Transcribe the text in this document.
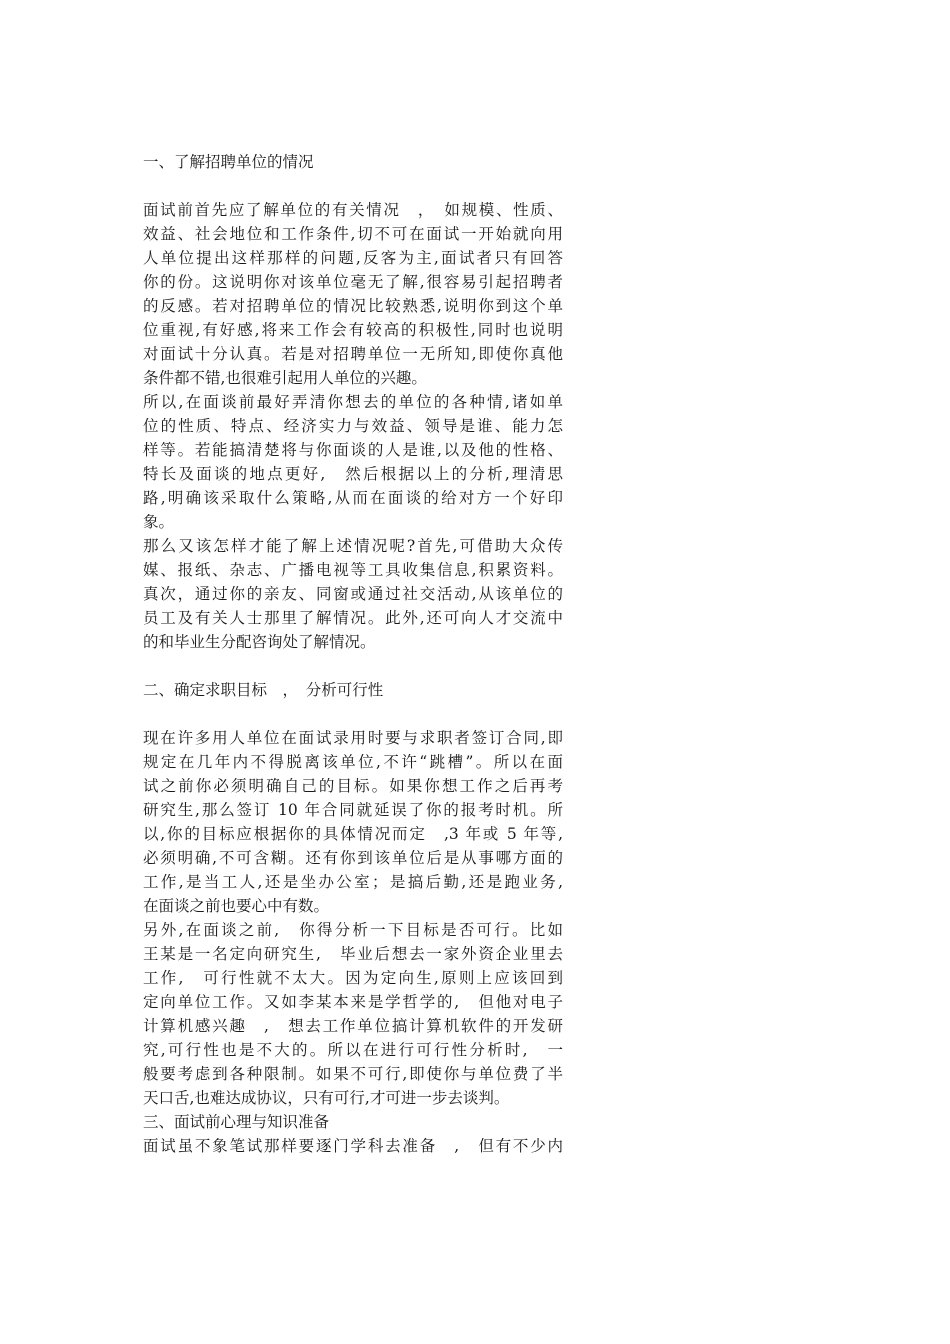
一、了解招聘单位的情况
面试前首先应了解单位的有关情况　，　如规模、性质、
效益、社会地位和工作条件,切不可在面试一开始就向用
人单位提出这样那样的问题,反客为主,面试者只有回答
你的份。这说明你对该单位毫无了解,很容易引起招聘者
的反感。若对招聘单位的情况比较熟悉,说明你到这个单
位重视,有好感,将来工作会有较高的积极性,同时也说明
对面试十分认真。若是对招聘单位一无所知,即使你真他
条件都不错,也很难引起用人单位的兴趣。
所以,在面谈前最好弄清你想去的单位的各种情,诸如单
位的性质、特点、经济实力与效益、领导是谁、能力怎
样等。若能搞清楚将与你面谈的人是谁,以及他的性格、
特长及面谈的地点更好,　然后根据以上的分析,理清思
路,明确该采取什么策略,从而在面谈的给对方一个好印
象。
那么又该怎样才能了解上述情况呢?首先,可借助大众传
媒、报纸、杂志、广播电视等工具收集信息,积累资料。
真次，通过你的亲友、同窗或通过社交活动,从该单位的
员工及有关人士那里了解情况。此外,还可向人才交流中
的和毕业生分配咨询处了解情况。
二、确定求职目标　，　分析可行性
现在许多用人单位在面试录用时要与求职者签订合同,即
规定在几年内不得脱离该单位,不许“跳槽”。所以在面
试之前你必须明确自己的目标。如果你想工作之后再考
研究生,那么签订 10 年合同就延误了你的报考时机。所
以,你的目标应根据你的具体情况而定　,3 年或 5 年等,
必须明确,不可含糊。还有你到该单位后是从事哪方面的
工作,是当工人,还是坐办公室；是搞后勤,还是跑业务,
在面谈之前也要心中有数。
另外,在面谈之前,　你得分析一下目标是否可行。比如
王某是一名定向研究生,　毕业后想去一家外资企业里去
工作,　可行性就不太大。因为定向生,原则上应该回到
定向单位工作。又如李某本来是学哲学的,　但他对电子
计算机感兴趣　,　想去工作单位搞计算机软件的开发研
究,可行性也是不大的。所以在进行可行性分析时,　一
般要考虑到各种限制。如果不可行,即使你与单位费了半
天口舌,也难达成协议，只有可行,才可进一步去谈判。
三、面试前心理与知识准备
面试虽不象笔试那样要逐门学科去准备　,　但有不少内
